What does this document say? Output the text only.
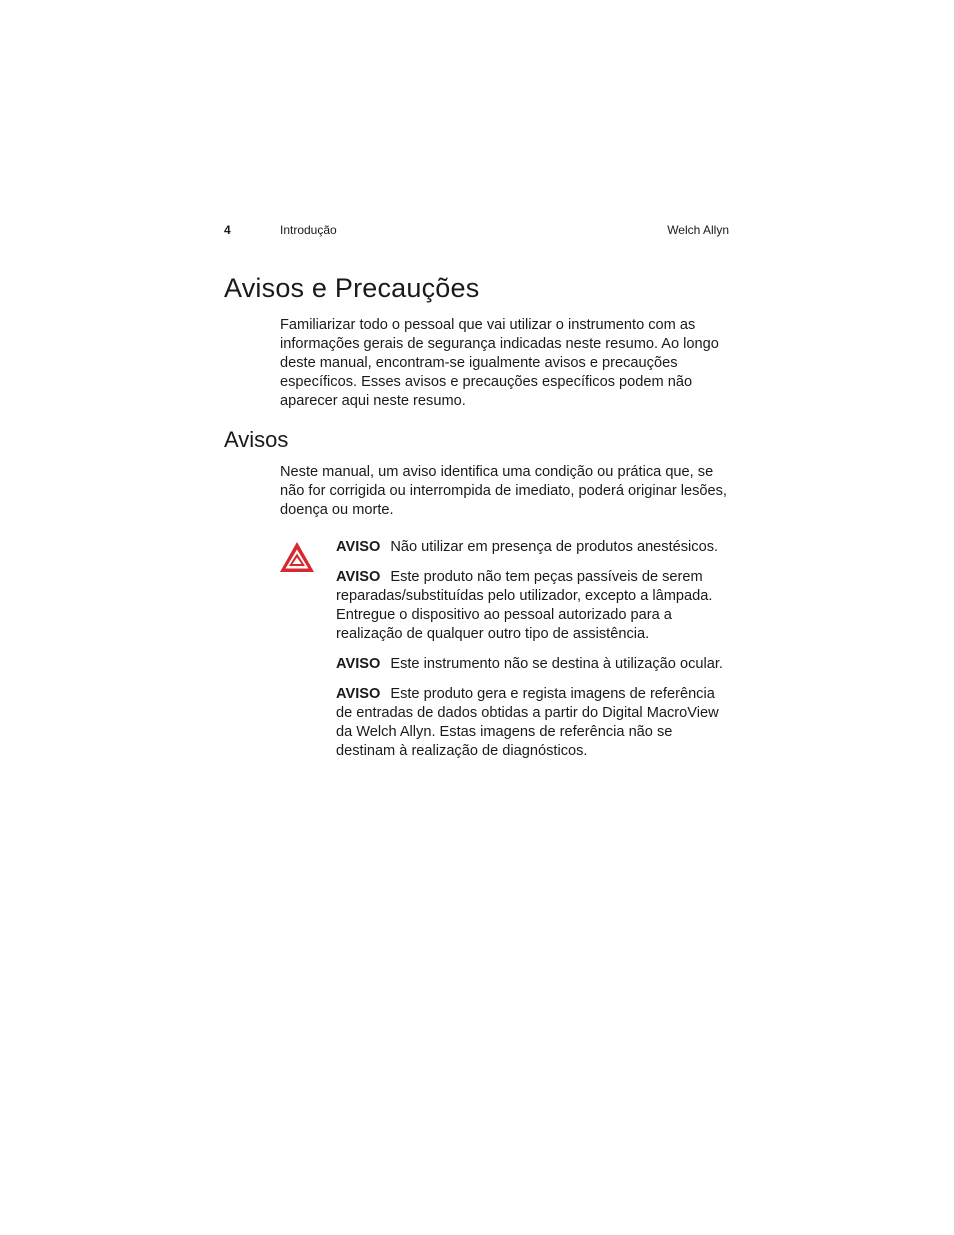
4	Introdução	Welch Allyn
Avisos e Precauções

Familiarizar todo o pessoal que vai utilizar o instrumento com as informações gerais de segurança indicadas neste resumo. Ao longo deste manual, encontram-se igualmente avisos e precauções específicos. Esses avisos e precauções específicos podem não aparecer aqui neste resumo.

Avisos

Neste manual, um aviso identifica uma condição ou prática que, se não for corrigida ou interrompida de imediato, poderá originar lesões, doença ou morte.

AVISO Não utilizar em presença de produtos anestésicos.

AVISO Este produto não tem peças passíveis de serem reparadas/substituídas pelo utilizador, excepto a lâmpada. Entregue o dispositivo ao pessoal autorizado para a realização de qualquer outro tipo de assistência.

AVISO Este instrumento não se destina à utilização ocular.

AVISO Este produto gera e regista imagens de referência de entradas de dados obtidas a partir do Digital MacroView da Welch Allyn. Estas imagens de referência não se destinam à realização de diagnósticos.
